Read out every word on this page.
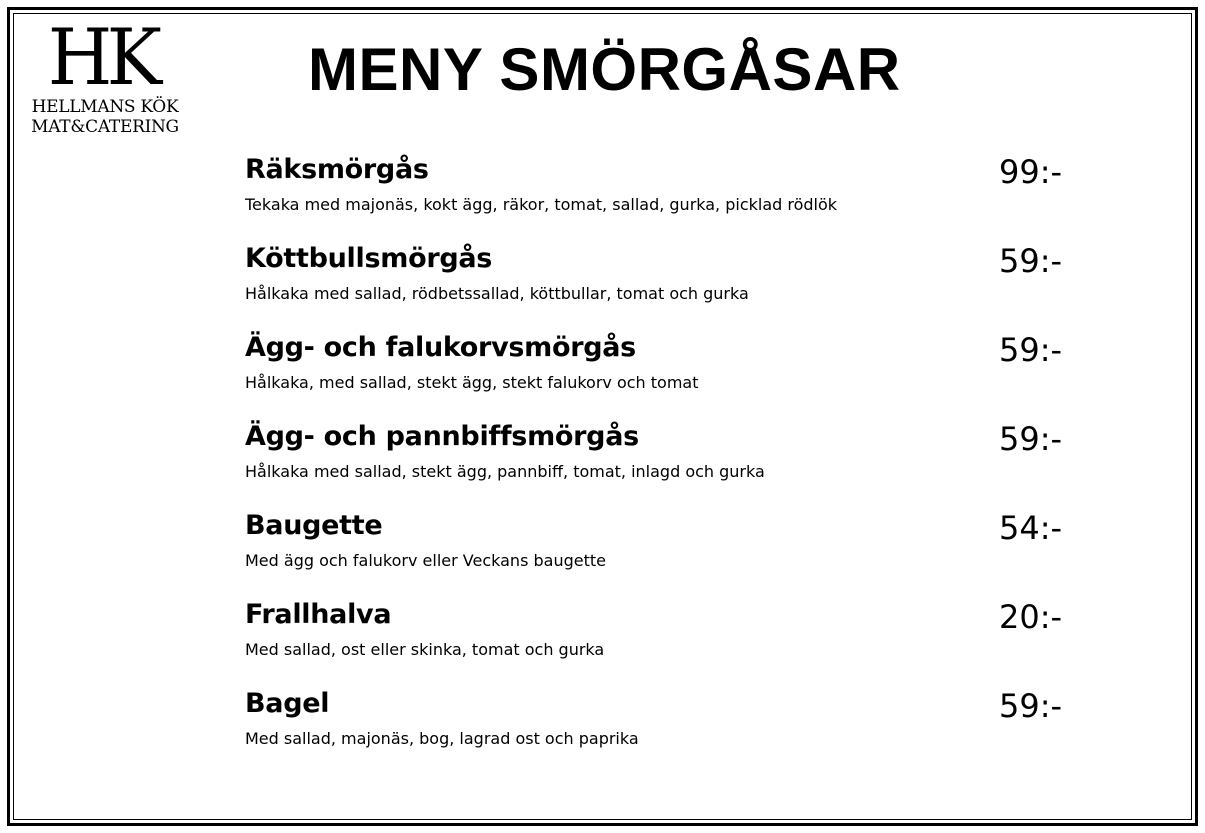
HK
HELLMANS KÖK
MAT&CATERING
MENY SMÖRGÅSAR
Räksmörgås
Tekaka med majonäs, kokt ägg, räkor, tomat, sallad, gurka, picklad rödlök
99:-
Köttbullsmörgås
Hålkaka med sallad, rödbetssallad, köttbullar, tomat och gurka
59:-
Ägg- och falukorvsmörgås
Hålkaka, med sallad, stekt ägg, stekt falukorv och tomat
59:-
Ägg- och pannbiffsmörgås
Hålkaka med sallad, stekt ägg, pannbiff, tomat, inlagd och gurka
59:-
Baugette
Med ägg och falukorv eller Veckans baugette
54:-
Frallhalva
Med sallad, ost eller skinka, tomat och gurka
20:-
Bagel
Med sallad, majonäs, bog, lagrad ost och paprika
59:-
